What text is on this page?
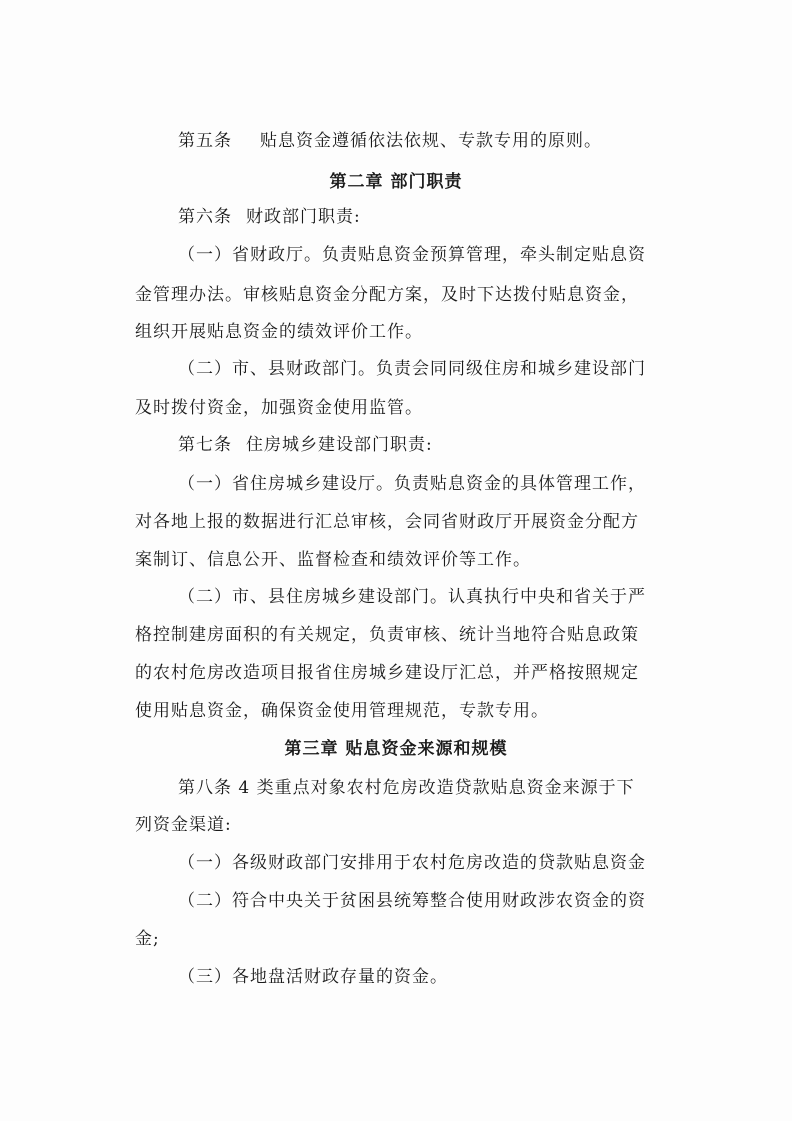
第五条 贴息资金遵循依法依规、专款专用的原则。
第二章 部门职责
第六条 财政部门职责:
（一）省财政厅。负责贴息资金预算管理，牵头制定贴息资
金管理办法。审核贴息资金分配方案，及时下达拨付贴息资金，
组织开展贴息资金的绩效评价工作。
（二）市、县财政部门。负责会同同级住房和城乡建设部门
及时拨付资金，加强资金使用监管。
第七条 住房城乡建设部门职责:
（一）省住房城乡建设厅。负责贴息资金的具体管理工作，
对各地上报的数据进行汇总审核，会同省财政厅开展资金分配方
案制订、信息公开、监督检查和绩效评价等工作。
（二）市、县住房城乡建设部门。认真执行中央和省关于严
格控制建房面积的有关规定，负责审核、统计当地符合贴息政策
的农村危房改造项目报省住房城乡建设厅汇总，并严格按照规定
使用贴息资金，确保资金使用管理规范，专款专用。
第三章 贴息资金来源和规模
第八条 4 类重点对象农村危房改造贷款贴息资金来源于下
列资金渠道:
（一）各级财政部门安排用于农村危房改造的贷款贴息资金
（二）符合中央关于贫困县统筹整合使用财政涉农资金的资
金;
（三）各地盘活财政存量的资金。
